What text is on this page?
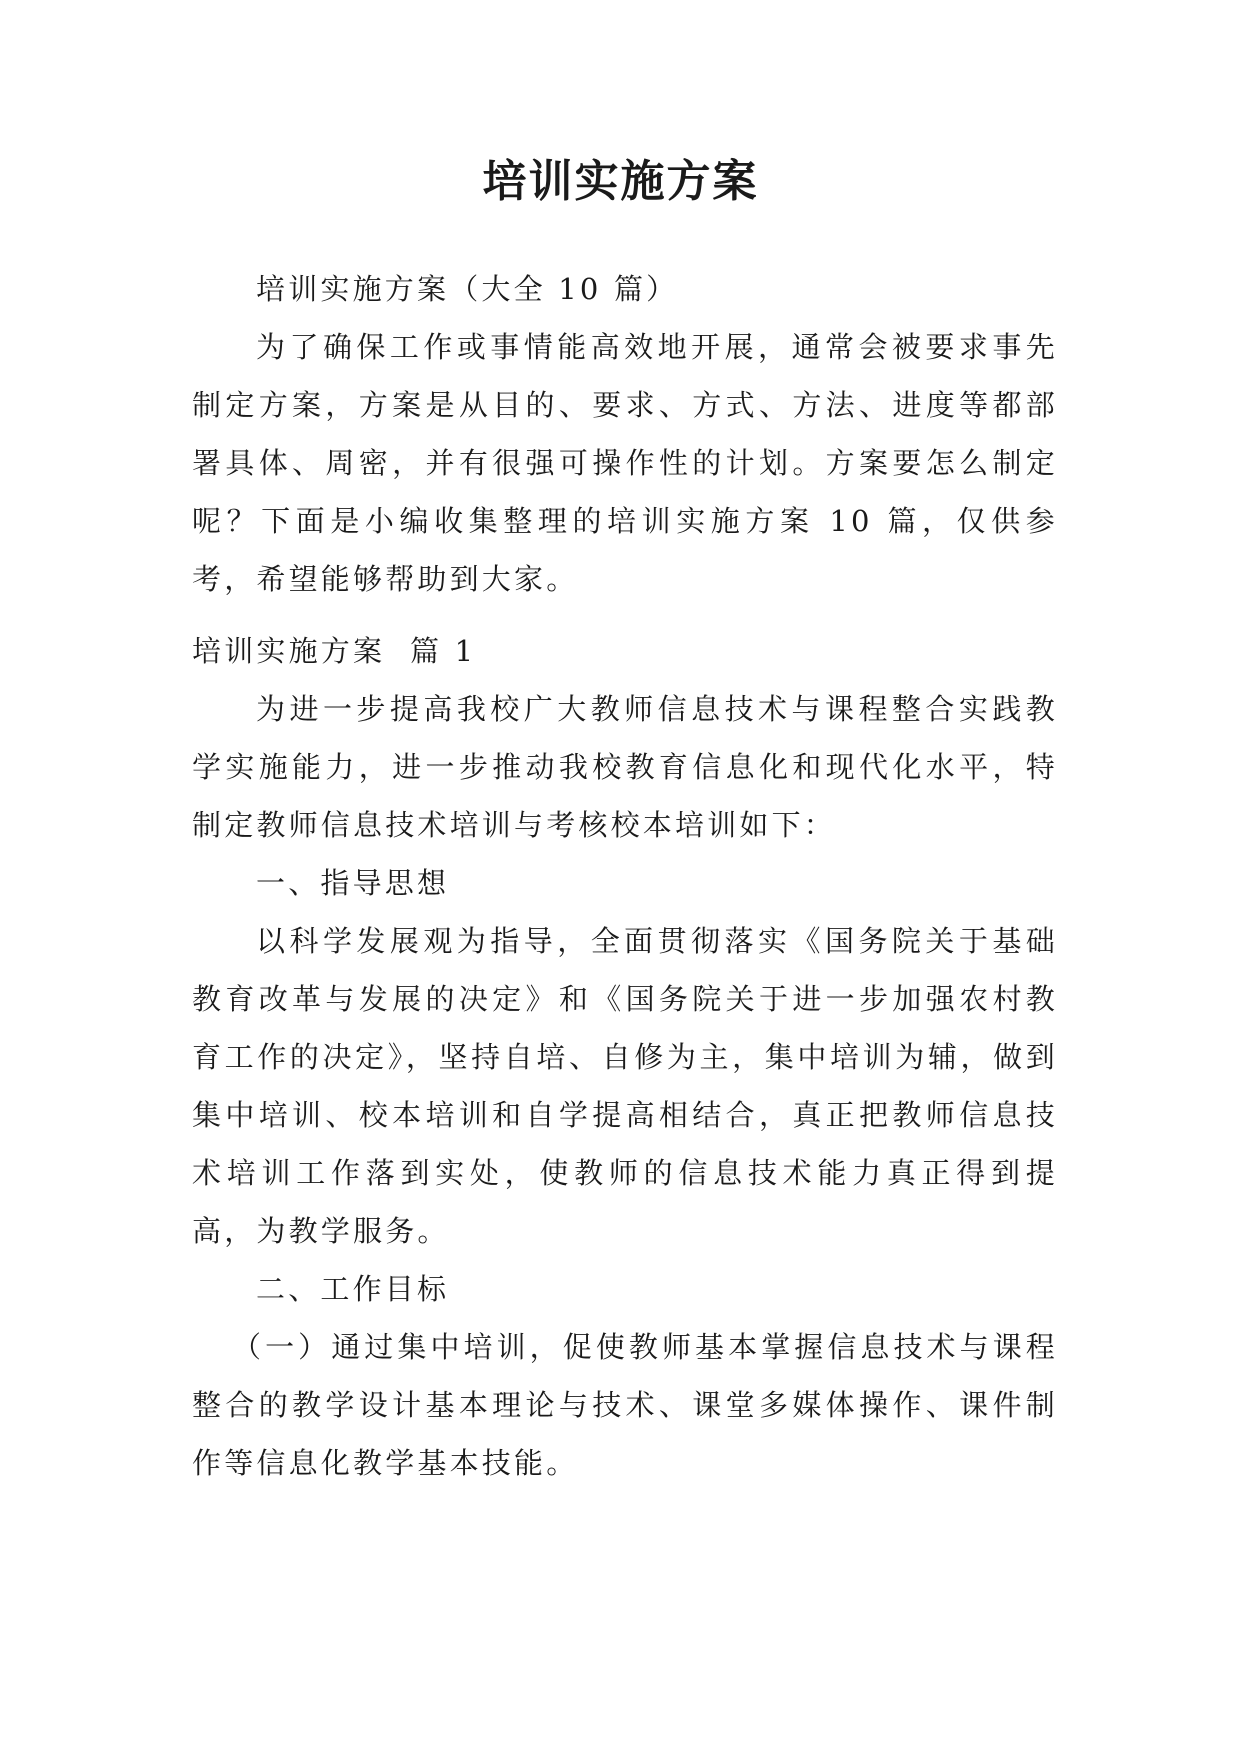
培训实施方案

培训实施方案（大全 10 篇）

为了确保工作或事情能高效地开展，通常会被要求事先制定方案，方案是从目的、要求、方式、方法、进度等都部署具体、周密，并有很强可操作性的计划。方案要怎么制定呢？下面是小编收集整理的培训实施方案 10 篇，仅供参考，希望能够帮助到大家。

培训实施方案  篇 1

为进一步提高我校广大教师信息技术与课程整合实践教学实施能力，进一步推动我校教育信息化和现代化水平，特制定教师信息技术培训与考核校本培训如下：

一、指导思想

以科学发展观为指导，全面贯彻落实《国务院关于基础教育改革与发展的决定》和《国务院关于进一步加强农村教育工作的决定》，坚持自培、自修为主，集中培训为辅，做到集中培训、校本培训和自学提高相结合，真正把教师信息技术培训工作落到实处，使教师的信息技术能力真正得到提高，为教学服务。

二、工作目标

（一）通过集中培训，促使教师基本掌握信息技术与课程整合的教学设计基本理论与技术、课堂多媒体操作、课件制作等信息化教学基本技能。
